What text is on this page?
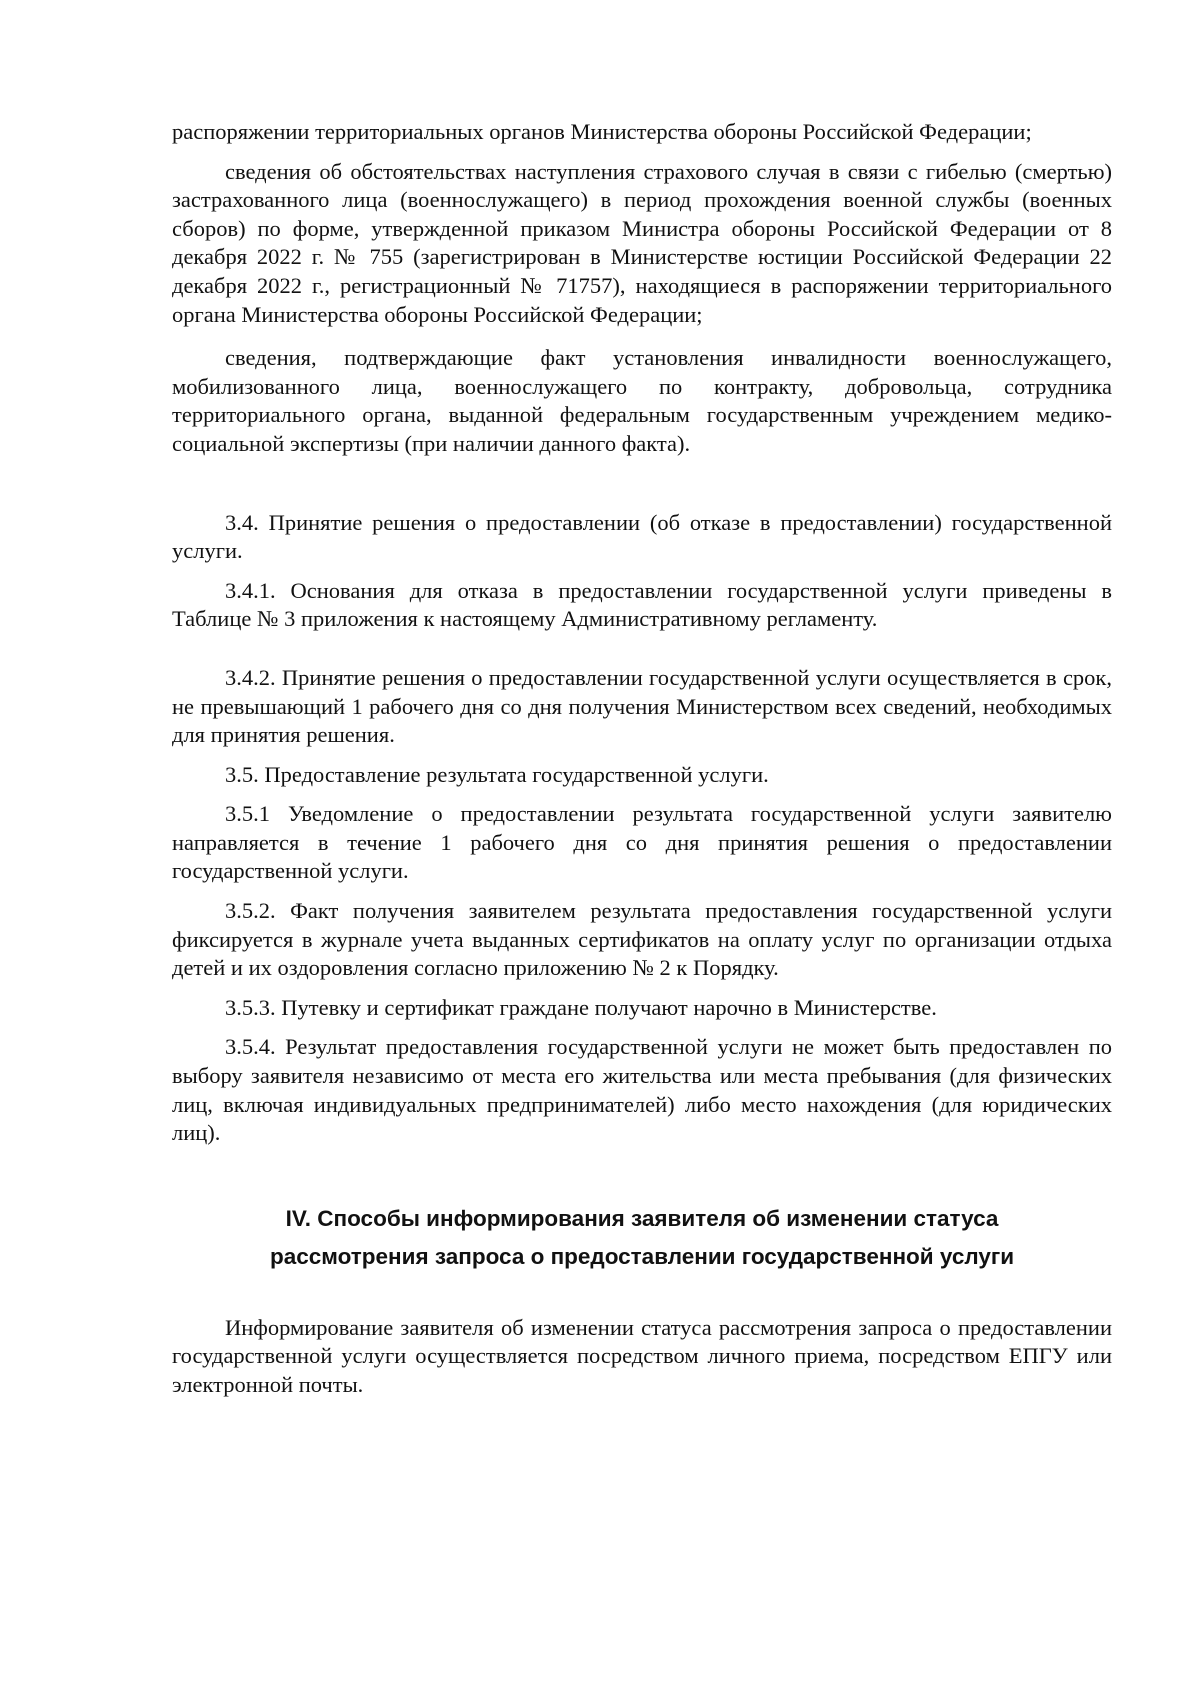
распоряжении территориальных органов Министерства обороны Российской Федерации;

сведения об обстоятельствах наступления страхового случая в связи с гибелью (смертью) застрахованного лица (военнослужащего) в период прохождения военной службы (военных сборов) по форме, утвержденной приказом Министра обороны Российской Федерации от 8 декабря 2022 г. № 755 (зарегистрирован в Министерстве юстиции Российской Федерации 22 декабря 2022 г., регистрационный № 71757), находящиеся в распоряжении территориального органа Министерства обороны Российской Федерации;

сведения, подтверждающие факт установления инвалидности военнослужащего, мобилизованного лица, военнослужащего по контракту, добровольца, сотрудника территориального органа, выданной федеральным государственным учреждением медико-социальной экспертизы (при наличии данного факта).

3.4. Принятие решения о предоставлении (об отказе в предоставлении) государственной услуги.

3.4.1. Основания для отказа в предоставлении государственной услуги приведены в Таблице № 3 приложения к настоящему Административному регламенту.

3.4.2. Принятие решения о предоставлении государственной услуги осуществляется в срок, не превышающий 1 рабочего дня со дня получения Министерством всех сведений, необходимых для принятия решения.

3.5. Предоставление результата государственной услуги.

3.5.1 Уведомление о предоставлении результата государственной услуги заявителю направляется в течение 1 рабочего дня со дня принятия решения о предоставлении государственной услуги.

3.5.2. Факт получения заявителем результата предоставления государственной услуги фиксируется в журнале учета выданных сертификатов на оплату услуг по организации отдыха детей и их оздоровления согласно приложению № 2 к Порядку.

3.5.3. Путевку и сертификат граждане получают нарочно в Министерстве.

3.5.4. Результат предоставления государственной услуги не может быть предоставлен по выбору заявителя независимо от места его жительства или места пребывания (для физических лиц, включая индивидуальных предпринимателей) либо место нахождения (для юридических лиц).

IV. Способы информирования заявителя об изменении статуса
рассмотрения запроса о предоставлении государственной услуги

Информирование заявителя об изменении статуса рассмотрения запроса о предоставлении государственной услуги осуществляется посредством личного приема, посредством ЕПГУ или электронной почты.
